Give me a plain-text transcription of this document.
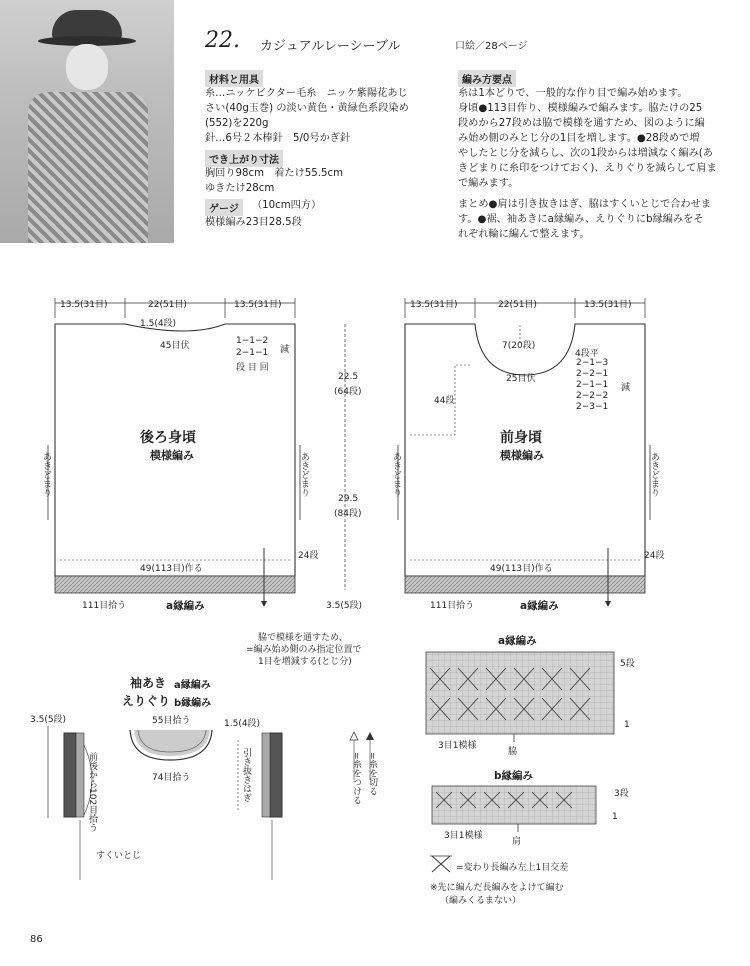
22. カジュアルレーシーブル	口絵／28ページ
材料と用具
糸…ニッケビクター毛糸　ニッケ紫陽花あじ
さい(40g玉巻) の淡い黄色・黄緑色系段染め
(552)を220g
針…6号２本棒針　5/0号かぎ針
でき上がり寸法
胸回り98cm　着たけ55.5cm
ゆきたけ28cm
ゲージ	（10cm四方）
模様編み23目28.5段
編み方要点
糸は1本どりで、一般的な作り目で編み始めます。
身頃●113目作り、模様編みで編みます。脇たけの25
段めから27段めは脇で模様を通すため、図のように編
み始め側のみとじ分の1目を増します。●28段めで増
やしたとじ分を減らし、次の1段からは増減なく編み(あ
きどまりに糸印をつけておく)、えりぐりを減らして肩ま
で編みます。
まとめ●肩は引き抜きはぎ、脇はすくいとじで合わせま
す。●裾、袖あきにa縁編み、えりぐりにb縁編みをそ
れぞれ輪に編んで整えます。
13.5(31目)	22(51目)	13.5(31目)
1.5(4段)
45目伏	1−1−2
2−1−1 減
段 目 回
22.5
(64段)
29.5
(84段)
後ろ身頃
模様編み
あきどまり	あきどまり
24段
49(113目)作る
111目拾う	a縁編み	3.5(5段)
13.5(31目)	22(51目)	13.5(31目)
7(20段)
25目伏
44段
4段平
2−1−3
2−2−1
2−1−1
2−2−2
2−3−1
減
前身頃
模様編み
あきどまり	あきどまり
24段
49(113目)作る
111目拾う	a縁編み
脇で模様を通すため、
=編み始め側のみ指定位置で
1目を増減する(とじ分)
袖あき a縁編み
えりぐり b縁編み
3.5(5段)	55目拾う	1.5(4段)
74目拾う
前後から102目拾う	引き抜きはぎ
すくいとじ
=糸をつける =糸を切る
a縁編み
5段
1
3目1模様
脇
b縁編み
3段
1
3目1模様
肩
=変わり長編み左上1目交差
※先に編んだ長編みをよけて編む
（編みくるまない）
86
